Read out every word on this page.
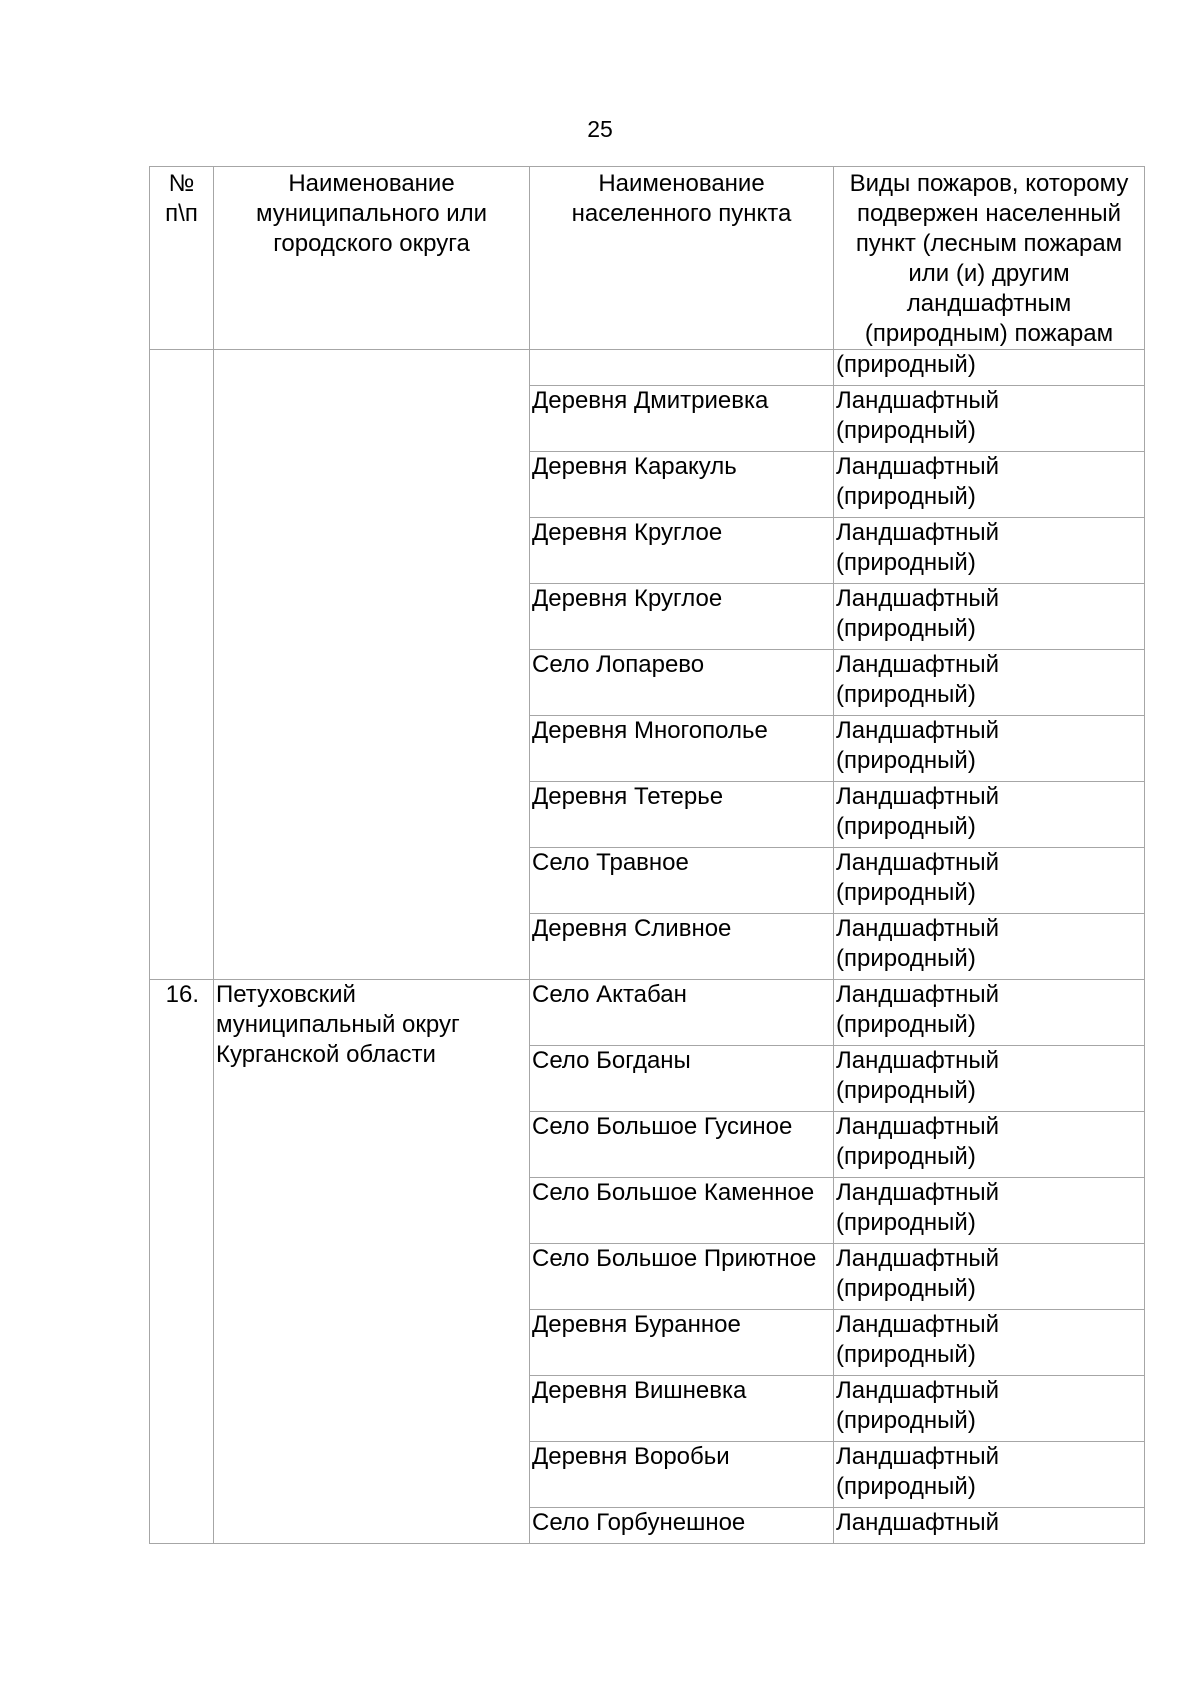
25
№ п\п	Наименование муниципального или городского округа	Наименование населенного пункта	Виды пожаров, которому подвержен населенный пункт (лесным пожарам или (и) другим ландшафтным (природным) пожарам

			(природный)

		Деревня Дмитриевка	Ландшафтный
(природный)

		Деревня Каракуль	Ландшафтный
(природный)

		Деревня Круглое	Ландшафтный
(природный)

		Деревня Круглое	Ландшафтный
(природный)

		Село Лопарево	Ландшафтный
(природный)

		Деревня Многополье	Ландшафтный
(природный)

		Деревня Тетерье	Ландшафтный
(природный)

		Село Травное	Ландшафтный
(природный)

		Деревня Сливное	Ландшафтный
(природный)

16.	Петуховский муниципальный округ Курганской области	Село Актабан	Ландшафтный
(природный)

		Село Богданы	Ландшафтный
(природный)

		Село Большое Гусиное	Ландшафтный
(природный)

		Село Большое Каменное	Ландшафтный
(природный)

		Село Большое Приютное	Ландшафтный
(природный)

		Деревня Буранное	Ландшафтный
(природный)

		Деревня Вишневка	Ландшафтный
(природный)

		Деревня Воробьи	Ландшафтный
(природный)

		Село Горбунешное	Ландшафтный
